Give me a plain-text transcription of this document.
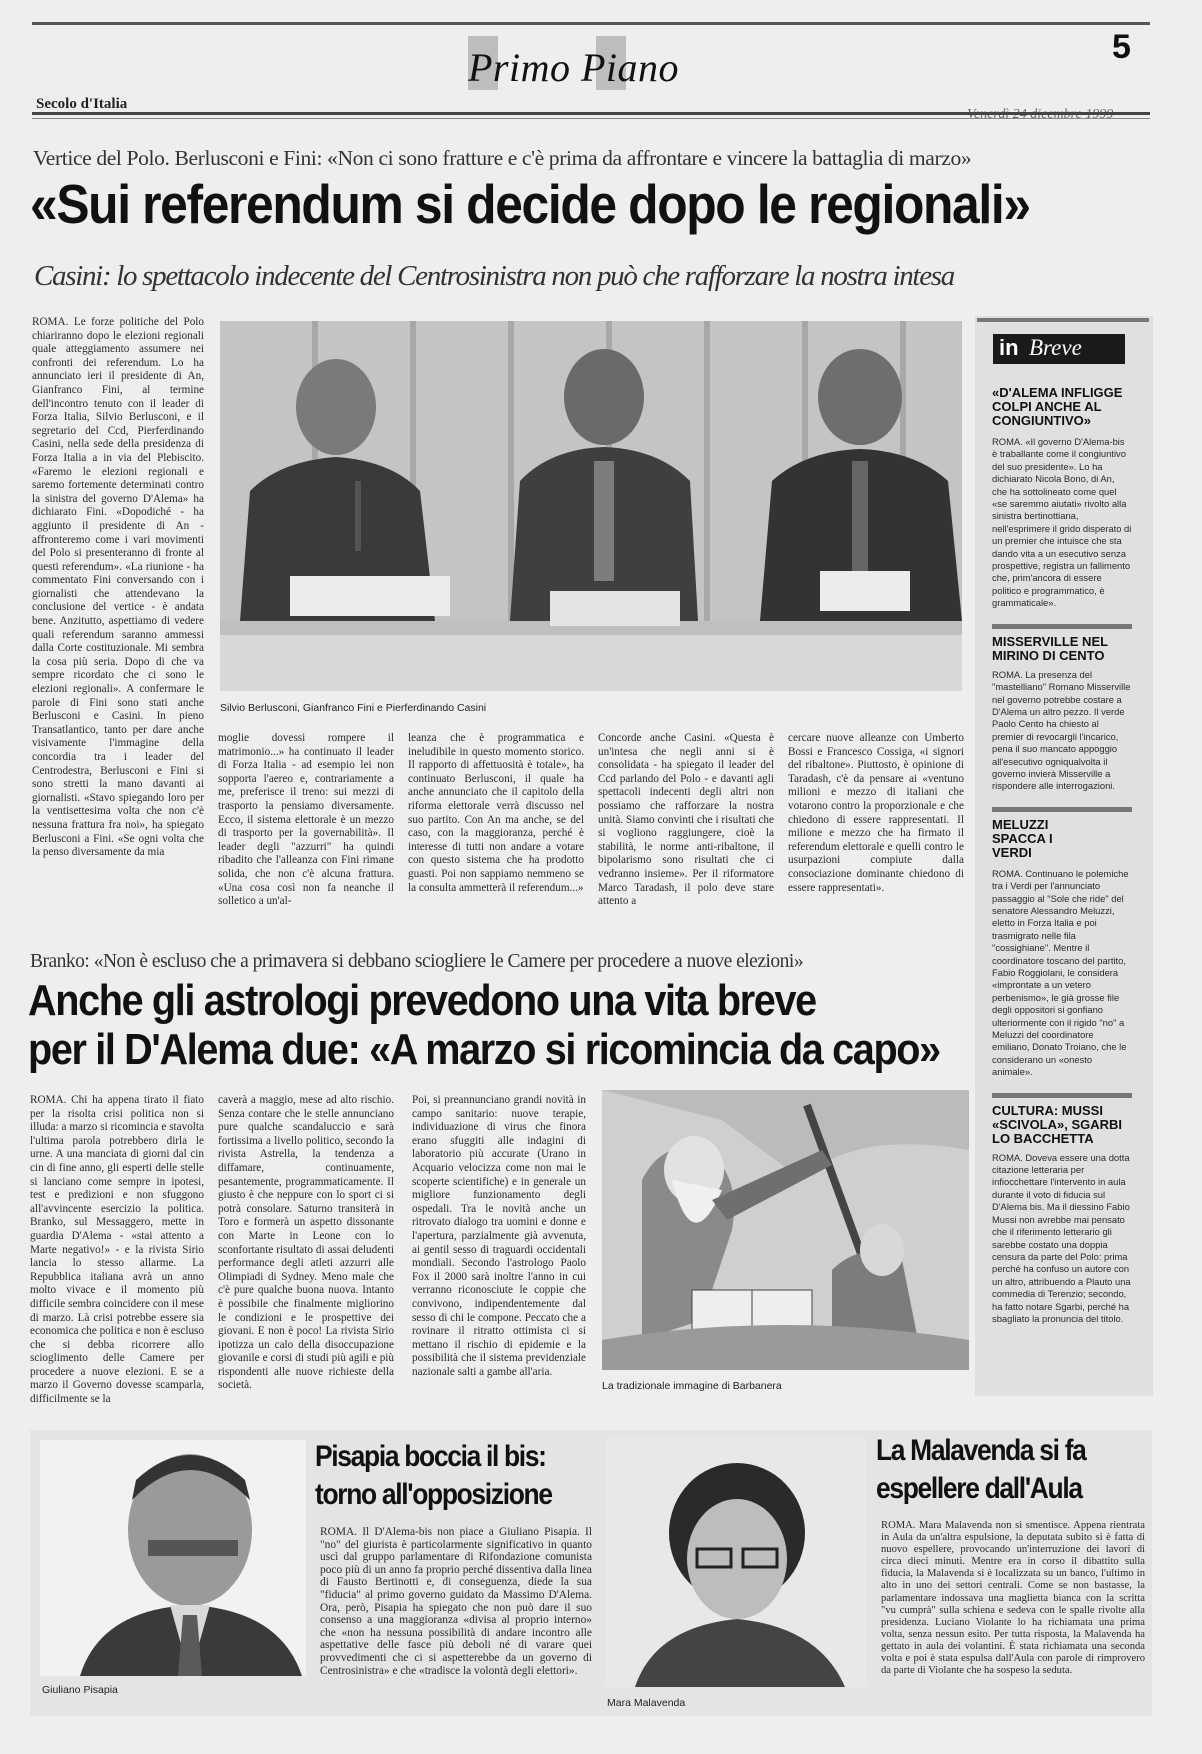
Primo Piano	5
Secolo d'Italia
Vertice del Polo. Berlusconi e Fini: «Non ci sono fratture e c'è prima da affrontare e vincere la battaglia di marzo»
«Sui referendum si decide dopo le regionali»
Casini: lo spettacolo indecente del Centrosinistra non può che rafforzare la nostra intesa
Silvio Berlusconi, Gianfranco Fini e Pierferdinando Casini
ROMA. Le forze politiche del Polo chiariranno dopo le elezioni regionali quale atteggiamento assumere nei confronti dei referendum. Lo ha annunciato ieri il presidente di An, Gianfranco Fini, al termine dell'incontro tenuto con il leader di Forza Italia, Silvio Berlusconi, e il segretario del Ccd, Pierferdinando Casini, nella sede della presidenza di Forza Italia a in via del Plebiscito. «Faremo le elezioni regionali e saremo fortemente determinati contro la sinistra del governo D'Alema» ha dichiarato Fini. «Dopodiché - ha aggiunto il presidente di An - affronteremo come i vari movimenti del Polo si presenteranno di fronte al questi referendum». «La riunione - ha commentato Fini conversando con i giornalisti che attendevano la conclusione del vertice - è andata bene. Anzitutto, aspettiamo di vedere quali referendum saranno ammessi dalla Corte costituzionale. Mi sembra la cosa più seria. Dopo di che va sempre ricordato che ci sono le elezioni regionali». A confermare le parole di Fini sono stati anche Berlusconi e Casini. In pieno Transatlantico, tanto per dare anche visivamente l'immagine della concordia tra i leader del Centrodestra, Berlusconi e Fini si sono stretti la mano davanti ai giornalisti. «Stavo spiegando loro per la ventisettesima volta che non c'è nessuna frattura fra noi», ha spiegato Berlusconi a Fini. «Se ogni volta che la penso diversamente da mia
moglie dovessi rompere il matrimonio...» ha continuato il leader di Forza Italia - ad esempio lei non sopporta l'aereo e, contrariamente a me, preferisce il treno: sui mezzi di trasporto la pensiamo diversamente. Ecco, il sistema elettorale è un mezzo di trasporto per la governabilità». Il leader degli "azzurri" ha quindi ribadito che l'alleanza con Fini rimane solida, che non c'è alcuna frattura. «Una cosa così non fa neanche il solletico a un'al-
leanza che è programmatica e ineludibile in questo momento storico. Il rapporto di affettuosità è totale», ha continuato Berlusconi, il quale ha anche annunciato che il capitolo della riforma elettorale verrà discusso nel suo partito. Con An ma anche, se del caso, con la maggioranza, perché è interesse di tutti non andare a votare con questo sistema che ha prodotto guasti. Poi non sappiamo nemmeno se la consulta ammetterà il referendum...»
Concorde anche Casini. «Questa è un'intesa che negli anni si è consolidata - ha spiegato il leader del Ccd parlando del Polo - e davanti agli spettacoli indecenti degli altri non possiamo che rafforzare la nostra unità. Siamo convinti che i risultati che si vogliono raggiungere, cioè la stabilità, le norme anti-ribaltone, il bipolarismo sono risultati che ci vedranno insieme». Per il riformatore Marco Taradash, il polo deve stare attento a
cercare nuove alleanze con Umberto Bossi e Francesco Cossiga, «i signori del ribaltone». Piuttosto, è opinione di Taradash, c'è da pensare ai «ventuno milioni e mezzo di italiani che votarono contro la proporzionale e che chiedono di essere rappresentati. Il milione e mezzo che ha firmato il referendum elettorale e quelli contro le usurpazioni compiute dalla consociazione dominante chiedono di essere rappresentati».
in Breve
«D'ALEMA INFLIGGE COLPI ANCHE AL CONGIUNTIVO»
ROMA. «Il governo D'Alema-bis è traballante come il congiuntivo del suo presidente». Lo ha dichiarato Nicola Bono, di An, che ha sottolineato come quel «se saremmo aiutati» rivolto alla sinistra bertinottiana, nell'esprimere il grido disperato di un premier che intuisce che sta dando vita a un esecutivo senza prospettive, registra un fallimento che, prim'ancora di essere politico e programmatico, è grammaticale».
MISSERVILLE NEL MIRINO DI CENTO
ROMA. La presenza del "mastelliano" Romano Misserville nel governo potrebbe costare a D'Alema un altro pezzo. Il verde Paolo Cento ha chiesto al premier di revocargli l'incarico, pena il suo mancato appoggio all'esecutivo ogniqualvolta il governo invierà Misserville a rispondere alle interrogazioni.
MELUZZI SPACCA I VERDI
ROMA. Continuano le polemiche tra i Verdi per l'annunciato passaggio al "Sole che ride" del senatore Alessandro Meluzzi, eletto in Forza Italia e poi trasmigrato nelle fila "cossighiane". Mentre il coordinatore toscano del partito, Fabio Roggiolani, le considera «improntate a un vetero perbenismo», le già grosse file degli oppositori si gonfiano ulteriormente con il rigido "no" a Meluzzi del coordinatore emiliano, Donato Troiano, che le considerano un «onesto animale».
CULTURA: MUSSI «SCIVOLA», SGARBI LO BACCHETTA
ROMA. Doveva essere una dotta citazione letteraria per infiocchettare l'intervento in aula durante il voto di fiducia sul D'Alema bis. Ma il diessino Fabio Mussi non avrebbe mai pensato che il riferimento letterario gli sarebbe costato una doppia censura da parte del Polo: prima perché ha confuso un autore con un altro, attribuendo a Plauto una commedia di Terenzio; secondo, ha fatto notare Sgarbi, perché ha sbagliato la pronuncia del titolo.
Branko: «Non è escluso che a primavera si debbano sciogliere le Camere per procedere a nuove elezioni»
Anche gli astrologi prevedono una vita breve
per il D'Alema due: «A marzo si ricomincia da capo»
ROMA. Chi ha appena tirato il fiato per la risolta crisi politica non si illuda: a marzo si ricomincia e stavolta l'ultima parola potrebbero dirla le urne. A una manciata di giorni dal cin cin di fine anno, gli esperti delle stelle si lanciano come sempre in ipotesi, test e predizioni e non sfuggono all'avvincente esercizio la politica. Branko, sul Messaggero, mette in guardia D'Alema - «stai attento a Marte negativo!» - e la rivista Sirio lancia lo stesso allarme. La Repubblica italiana avrà un anno molto vivace e il momento più difficile sembra coincidere con il mese di marzo. Là crisi potrebbe essere sia economica che politica e non è escluso che si debba ricorrere allo scioglimento delle Camere per procedere a nuove elezioni. E se a marzo il Governo dovesse scamparla, difficilmente se la
caverà a maggio, mese ad alto rischio. Senza contare che le stelle annunciano pure qualche scandaluccio e sarà fortissima a livello politico, secondo la rivista Astrella, la tendenza a diffamare, continuamente, pesantemente, programmaticamente. Il giusto è che neppure con lo sport ci si potrà consolare. Saturno transiterà in Toro e formerà un aspetto dissonante con Marte in Leone con lo sconfortante risultato di assai deludenti performance degli atleti azzurri alle Olimpiadi di Sydney. Meno male che c'è pure qualche buona nuova. Intanto è possibile che finalmente migliorino le condizioni e le prospettive dei giovani. E non è poco! La rivista Sirio ipotizza un calo della disoccupazione giovanile e corsi di studi più agili e più rispondenti alle nuove richieste della società.
Poi, si preannunciano grandi novità in campo sanitario: nuove terapie, individuazione di virus che finora erano sfuggiti alle indagini di laboratorio più accurate (Urano in Acquario velocizza come non mai le scoperte scientifiche) e in generale un migliore funzionamento degli ospedali. Tra le novità anche un ritrovato dialogo tra uomini e donne e l'apertura, parzialmente già avvenuta, ai gentil sesso di traguardi occidentali mondiali. Secondo l'astrologo Paolo Fox il 2000 sarà inoltre l'anno in cui verranno riconosciute le coppie che convivono, indipendentemente dal sesso di chi le compone. Peccato che a rovinare il ritratto ottimista ci si mettano il rischio di epidemie e la possibilità che il sistema previdenziale nazionale salti a gambe all'aria.
La tradizionale immagine di Barbanera
Giuliano Pisapia
Pisapia boccia il bis: torno all'opposizione
ROMA. Il D'Alema-bis non piace a Giuliano Pisapia. Il "no" del giurista è particolarmente significativo in quanto uscì dal gruppo parlamentare di Rifondazione comunista poco più di un anno fa proprio perché dissentiva dalla linea di Fausto Bertinotti e, di conseguenza, diede la sua "fiducia" al primo governo guidato da Massimo D'Alema. Ora, però, Pisapia ha spiegato che non può dare il suo consenso a una maggioranza «divisa al proprio interno» che «non ha nessuna possibilità di andare incontro alle aspettative delle fasce più deboli né di varare quei provvedimenti che ci si aspetterebbe da un governo di Centrosinistra» e che «tradisce la volontà degli elettori».
Mara Malavenda
La Malavenda si fa espellere dall'Aula
ROMA. Mara Malavenda non si smentisce. Appena rientrata in Aula da un'altra espulsione, la deputata subito si è fatta di nuovo espellere, provocando un'interruzione dei lavori di circa dieci minuti. Mentre era in corso il dibattito sulla fiducia, la Malavenda si è localizzata su un banco, l'ultimo in alto in uno dei settori centrali. Come se non bastasse, la parlamentare indossava una maglietta bianca con la scritta "vu cumprà" sulla schiena e sedeva con le spalle rivolte alla presidenza. Luciano Violante lo ha richiamata una prima volta, senza nessun esito. Per tutta risposta, la Malavenda ha gettato in aula dei volantini. È stata richiamata una seconda volta e poi è stata espulsa dall'Aula con parole di rimprovero da parte di Violante che ha sospeso la seduta.
